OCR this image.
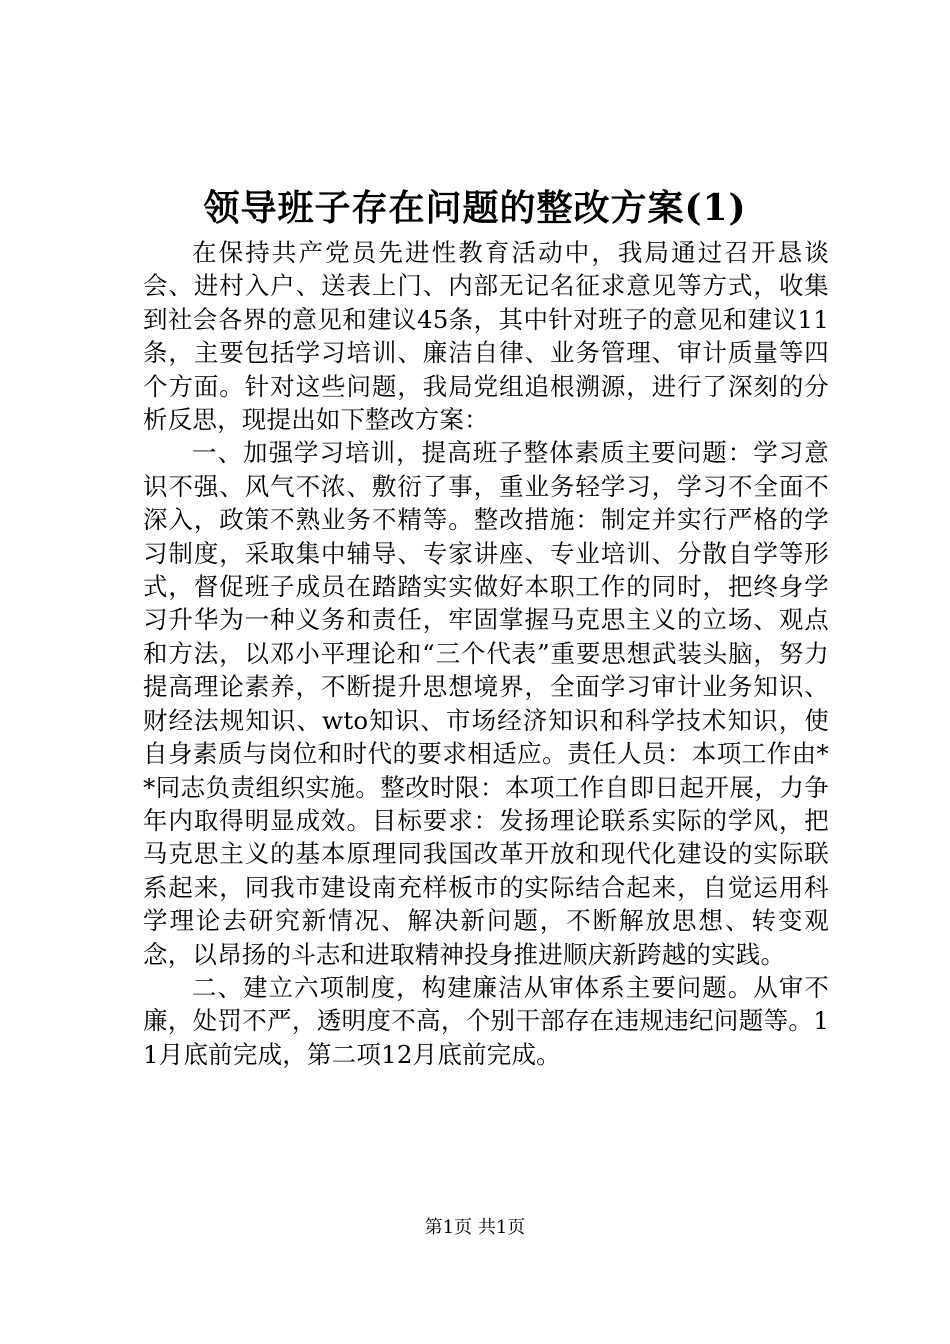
领导班子存在问题的整改方案(1)

在保持共产党员先进性教育活动中，我局通过召开恳谈会、进村入户、送表上门、内部无记名征求意见等方式，收集到社会各界的意见和建议45条，其中针对班子的意见和建议11条，主要包括学习培训、廉洁自律、业务管理、审计质量等四个方面。针对这些问题，我局党组追根溯源，进行了深刻的分析反思，现提出如下整改方案：

一、加强学习培训，提高班子整体素质主要问题：学习意识不强、风气不浓、敷衍了事，重业务轻学习，学习不全面不深入，政策不熟业务不精等。整改措施：制定并实行严格的学习制度，采取集中辅导、专家讲座、专业培训、分散自学等形式，督促班子成员在踏踏实实做好本职工作的同时，把终身学习升华为一种义务和责任，牢固掌握马克思主义的立场、观点和方法，以邓小平理论和“三个代表”重要思想武装头脑，努力提高理论素养，不断提升思想境界，全面学习审计业务知识、财经法规知识、wto知识、市场经济知识和科学技术知识，使自身素质与岗位和时代的要求相适应。责任人员：本项工作由**同志负责组织实施。整改时限：本项工作自即日起开展，力争年内取得明显成效。目标要求：发扬理论联系实际的学风，把马克思主义的基本原理同我国改革开放和现代化建设的实际联系起来，同我市建设南充样板市的实际结合起来，自觉运用科学理论去研究新情况、解决新问题，不断解放思想、转变观念，以昂扬的斗志和进取精神投身推进顺庆新跨越的实践。

二、建立六项制度，构建廉洁从审体系主要问题。从审不廉，处罚不严，透明度不高，个别干部存在违规违纪问题等。11月底前完成，第二项12月底前完成。

第1页 共1页
